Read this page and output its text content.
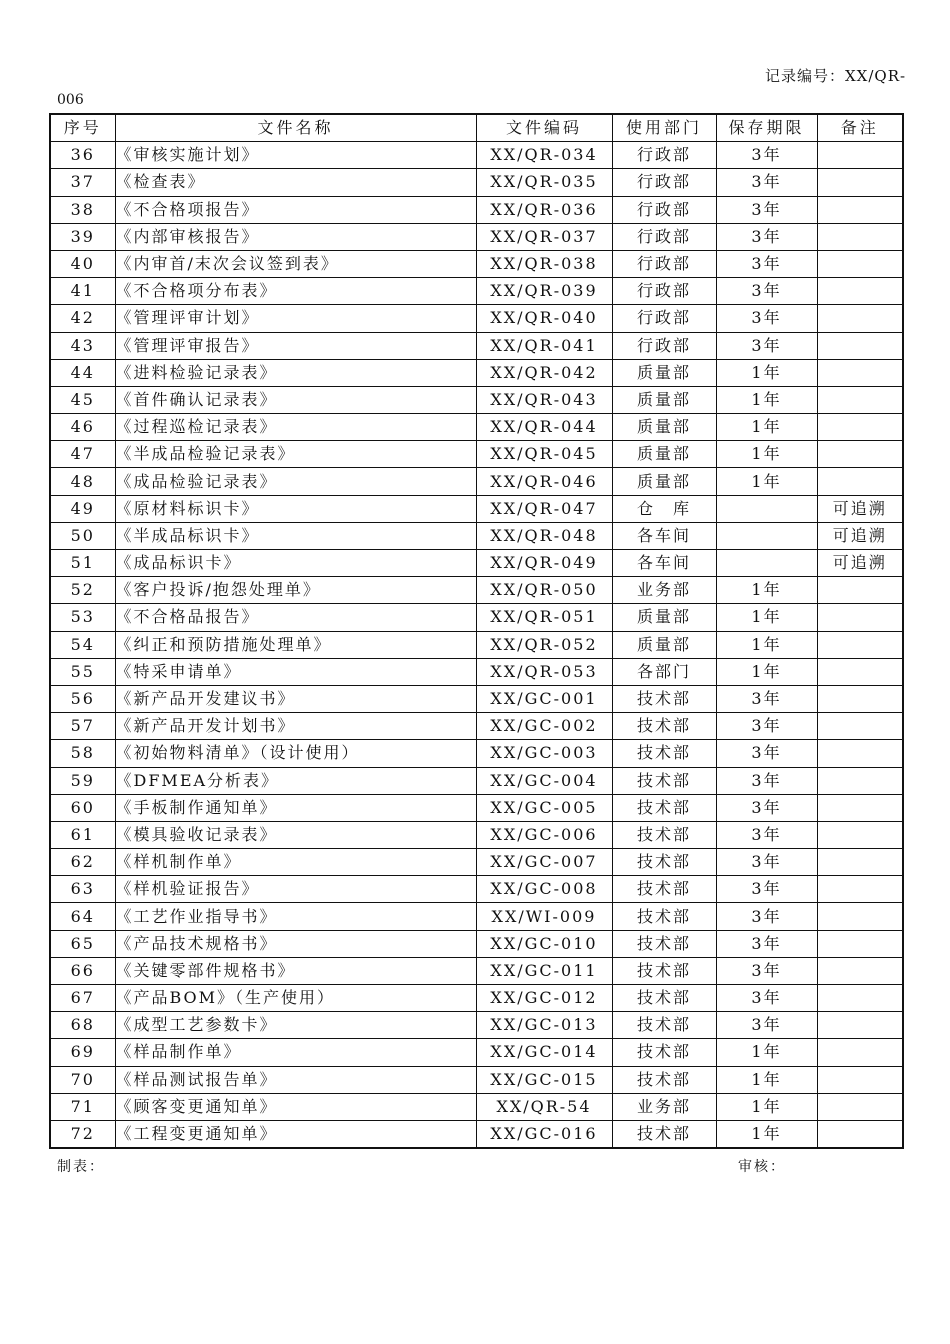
记录编号：XX/QR-
006
序号	文件名称	文件编码	使用部门	保存期限	备注
36	《审核实施计划》	XX/QR-034	行政部	3年	
37	《检查表》	XX/QR-035	行政部	3年	
38	《不合格项报告》	XX/QR-036	行政部	3年	
39	《内部审核报告》	XX/QR-037	行政部	3年	
40	《内审首/末次会议签到表》	XX/QR-038	行政部	3年	
41	《不合格项分布表》	XX/QR-039	行政部	3年	
42	《管理评审计划》	XX/QR-040	行政部	3年	
43	《管理评审报告》	XX/QR-041	行政部	3年	
44	《进料检验记录表》	XX/QR-042	质量部	1年	
45	《首件确认记录表》	XX/QR-043	质量部	1年	
46	《过程巡检记录表》	XX/QR-044	质量部	1年	
47	《半成品检验记录表》	XX/QR-045	质量部	1年	
48	《成品检验记录表》	XX/QR-046	质量部	1年	
49	《原材料标识卡》	XX/QR-047	仓　库		可追溯
50	《半成品标识卡》	XX/QR-048	各车间		可追溯
51	《成品标识卡》	XX/QR-049	各车间		可追溯
52	《客户投诉/抱怨处理单》	XX/QR-050	业务部	1年	
53	《不合格品报告》	XX/QR-051	质量部	1年	
54	《纠正和预防措施处理单》	XX/QR-052	质量部	1年	
55	《特采申请单》	XX/QR-053	各部门	1年	
56	《新产品开发建议书》	XX/GC-001	技术部	3年	
57	《新产品开发计划书》	XX/GC-002	技术部	3年	
58	《初始物料清单》（设计使用）	XX/GC-003	技术部	3年	
59	《DFMEA分析表》	XX/GC-004	技术部	3年	
60	《手板制作通知单》	XX/GC-005	技术部	3年	
61	《模具验收记录表》	XX/GC-006	技术部	3年	
62	《样机制作单》	XX/GC-007	技术部	3年	
63	《样机验证报告》	XX/GC-008	技术部	3年	
64	《工艺作业指导书》	XX/WI-009	技术部	3年	
65	《产品技术规格书》	XX/GC-010	技术部	3年	
66	《关键零部件规格书》	XX/GC-011	技术部	3年	
67	《产品BOM》（生产使用）	XX/GC-012	技术部	3年	
68	《成型工艺参数卡》	XX/GC-013	技术部	3年	
69	《样品制作单》	XX/GC-014	技术部	1年	
70	《样品测试报告单》	XX/GC-015	技术部	1年	
71	《顾客变更通知单》	XX/QR-54	业务部	1年	
72	《工程变更通知单》	XX/GC-016	技术部	1年	
制表：	审核：
